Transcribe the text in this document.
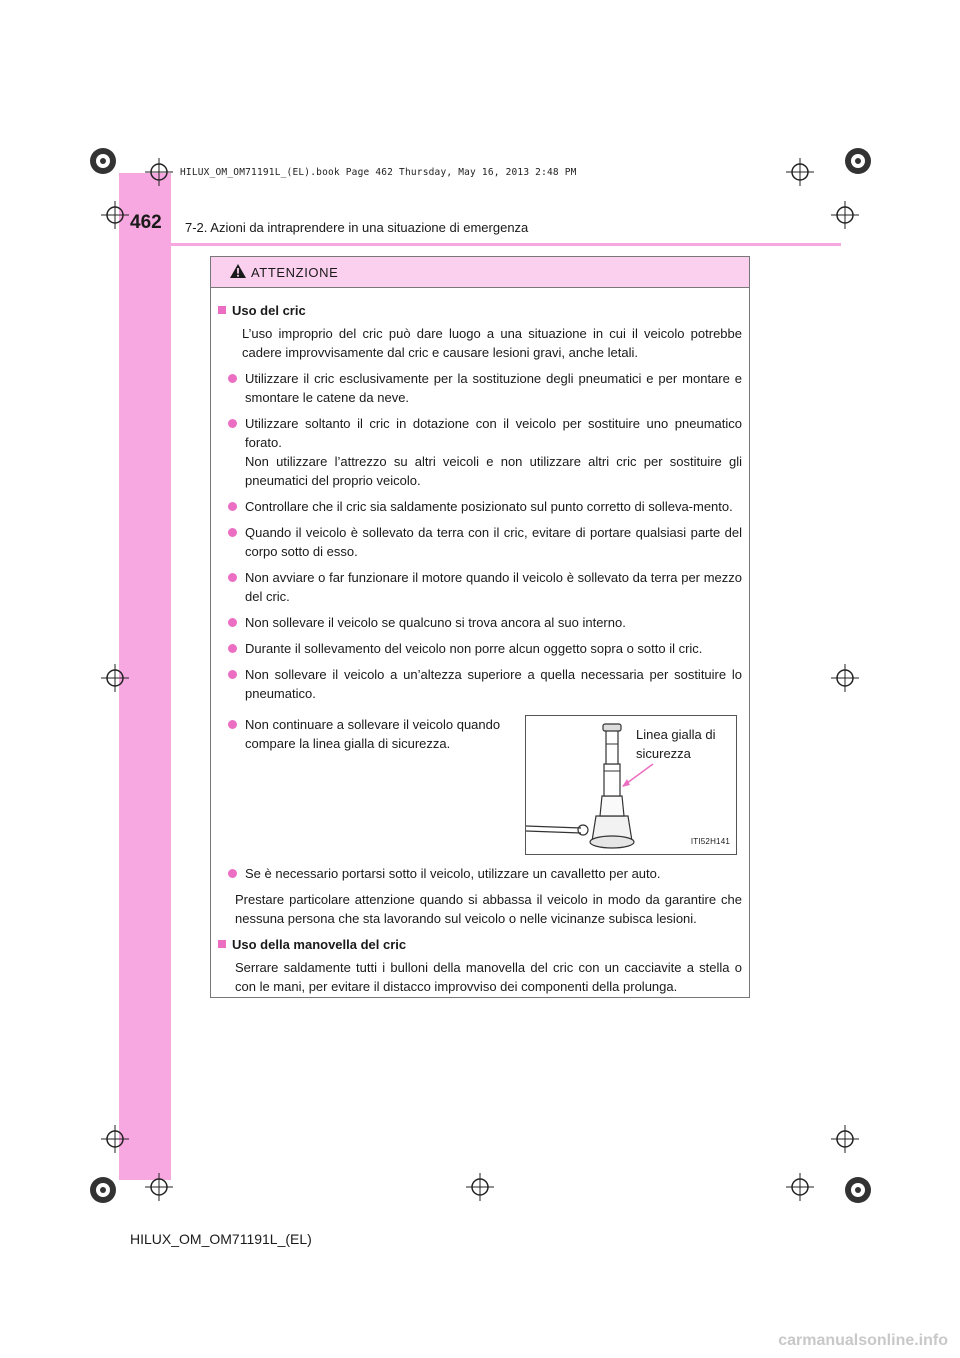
HILUX_OM_OM71191L_(EL).book Page 462 Thursday, May 16, 2013 2:48 PM
462 7-2. Azioni da intraprendere in una situazione di emergenza
ATTENZIONE
Uso del cric
L’uso improprio del cric può dare luogo a una situazione in cui il veicolo potrebbe cadere improvvisamente dal cric e causare lesioni gravi, anche letali.
Utilizzare il cric esclusivamente per la sostituzione degli pneumatici e per montare e smontare le catene da neve.
Utilizzare soltanto il cric in dotazione con il veicolo per sostituire uno pneumatico forato.
Non utilizzare l’attrezzo su altri veicoli e non utilizzare altri cric per sostituire gli pneumatici del proprio veicolo.
Controllare che il cric sia saldamente posizionato sul punto corretto di solleva-mento.
Quando il veicolo è sollevato da terra con il cric, evitare di portare qualsiasi parte del corpo sotto di esso.
Non avviare o far funzionare il motore quando il veicolo è sollevato da terra per mezzo del cric.
Non sollevare il veicolo se qualcuno si trova ancora al suo interno.
Durante il sollevamento del veicolo non porre alcun oggetto sopra o sotto il cric.
Non sollevare il veicolo a un’altezza superiore a quella necessaria per sostituire lo pneumatico.
Non continuare a sollevare il veicolo quando compare la linea gialla di sicurezza.
Linea gialla di sicurezza
ITI52H141
Se è necessario portarsi sotto il veicolo, utilizzare un cavalletto per auto.
Prestare particolare attenzione quando si abbassa il veicolo in modo da garantire che nessuna persona che sta lavorando sul veicolo o nelle vicinanze subisca lesioni.
Uso della manovella del cric
Serrare saldamente tutti i bulloni della manovella del cric con un cacciavite a stella o con le mani, per evitare il distacco improvviso dei componenti della prolunga.
HILUX_OM_OM71191L_(EL)
carmanualsonline.info
